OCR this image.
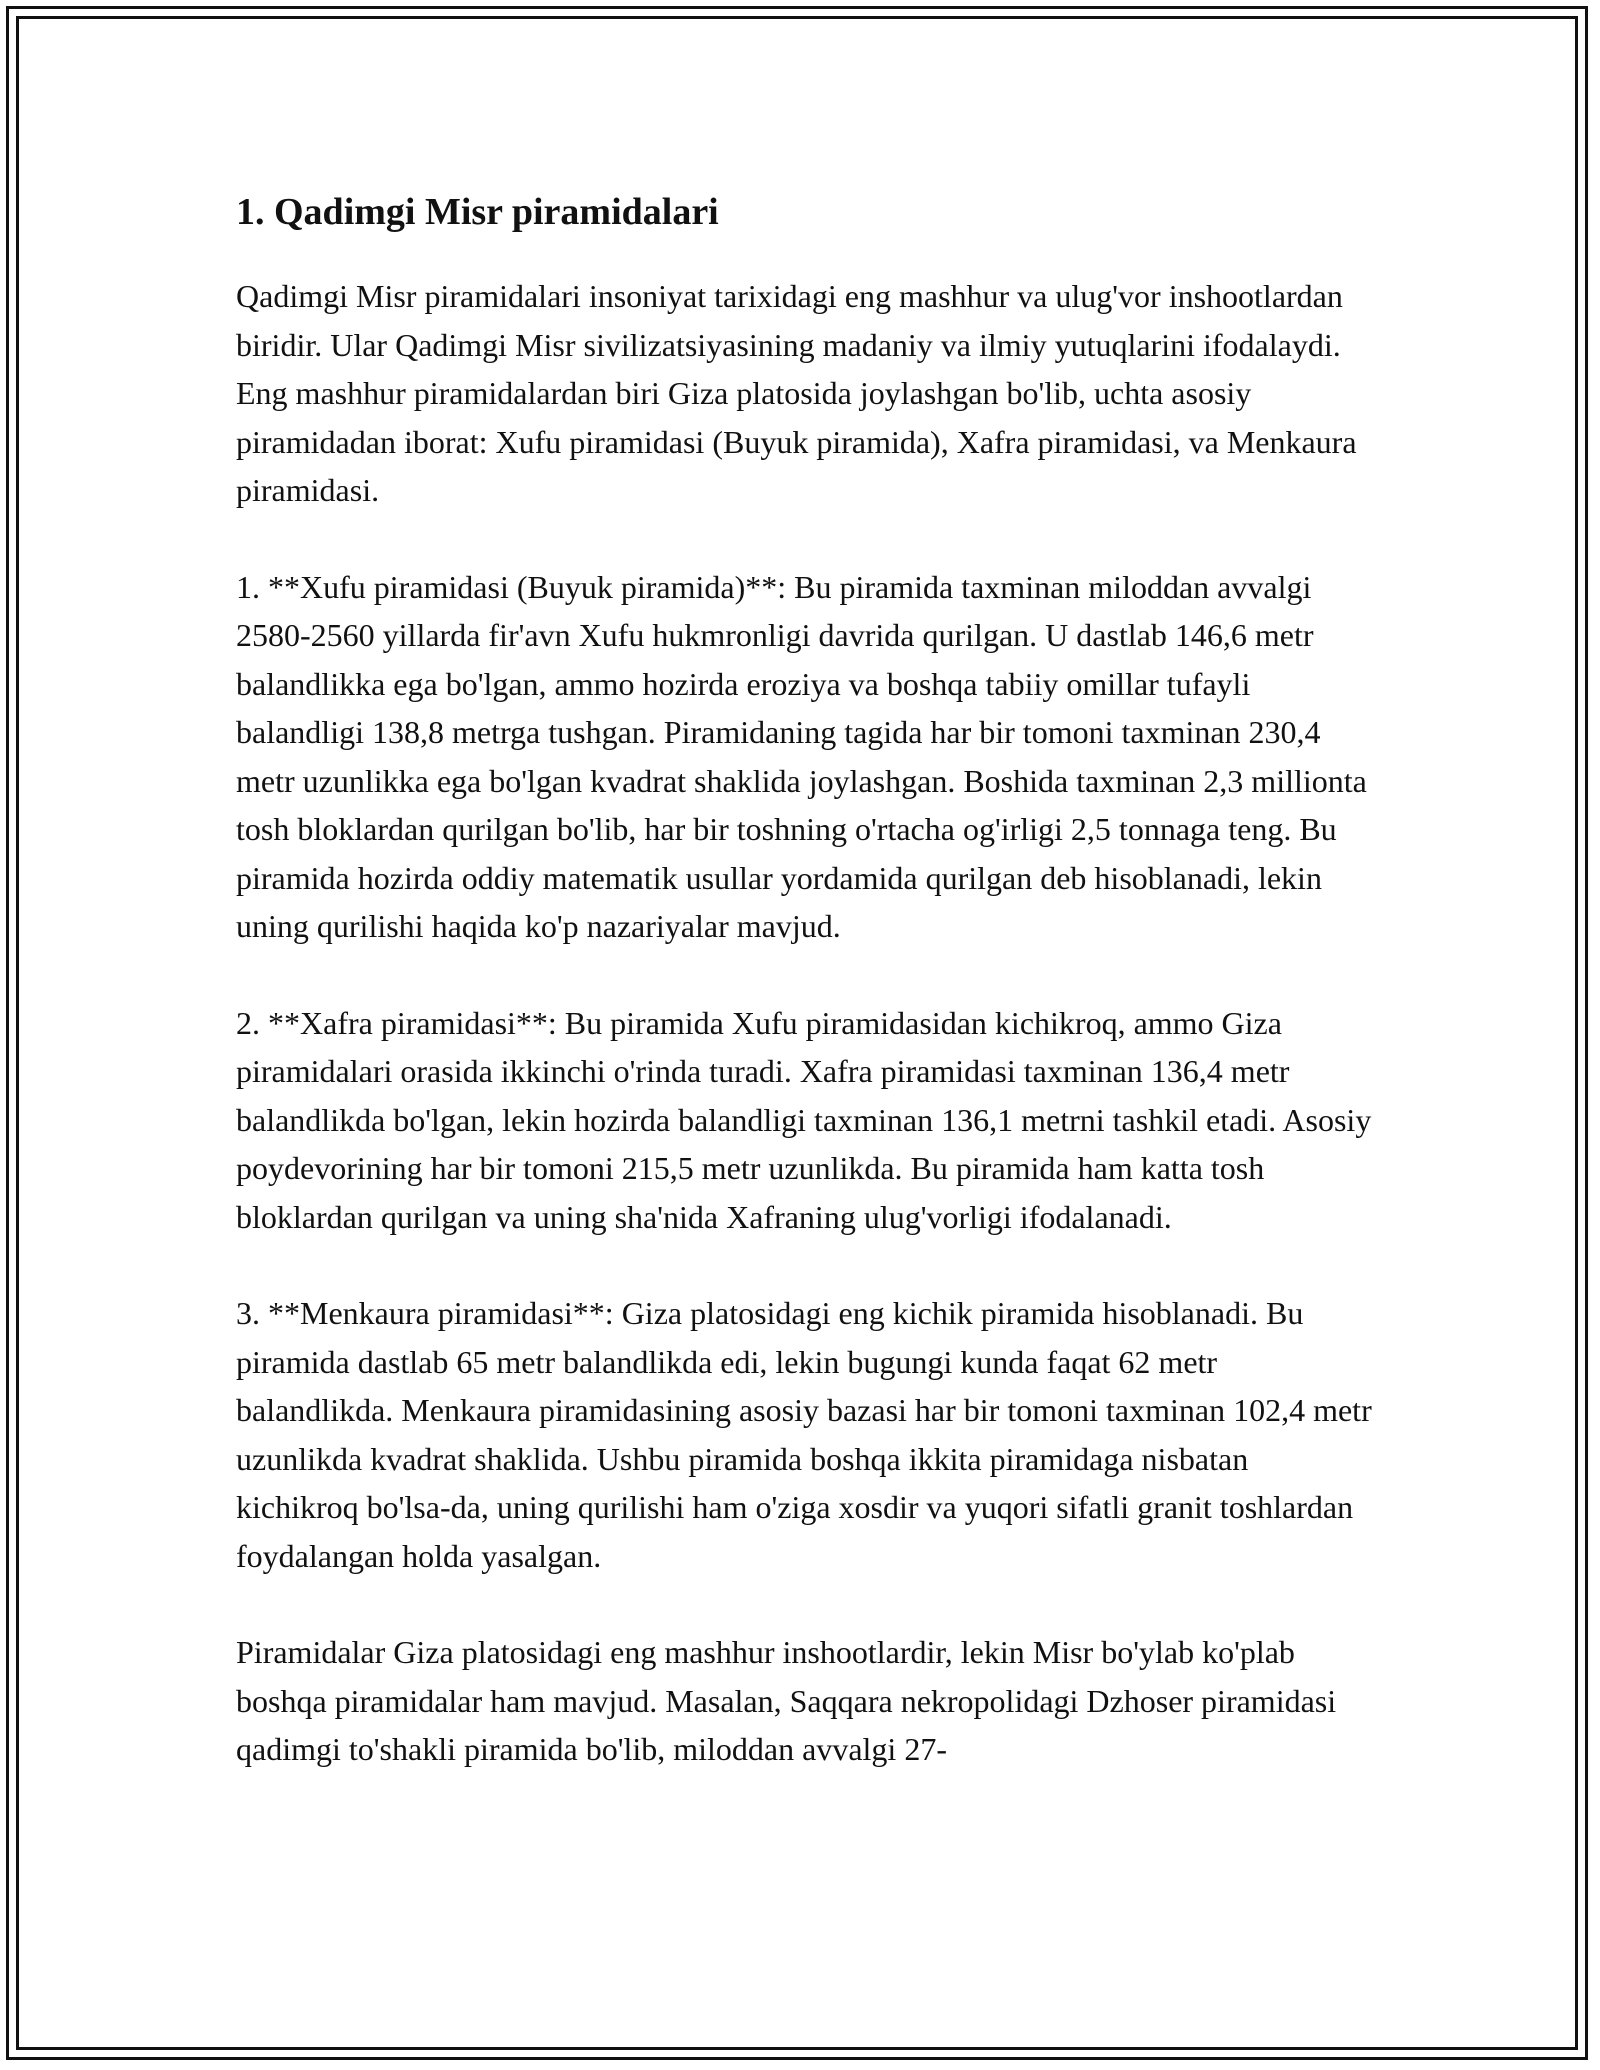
1. Qadimgi Misr piramidalari

Qadimgi Misr piramidalari insoniyat tarixidagi eng mashhur va ulug'vor inshootlardan biridir. Ular Qadimgi Misr sivilizatsiyasining madaniy va ilmiy yutuqlarini ifodalaydi. Eng mashhur piramidalardan biri Giza platosida joylashgan bo'lib, uchta asosiy piramidadan iborat: Xufu piramidasi (Buyuk piramida), Xafra piramidasi, va Menkaura piramidasi.

1. **Xufu piramidasi (Buyuk piramida)**: Bu piramida taxminan miloddan avvalgi 2580-2560 yillarda fir'avn Xufu hukmronligi davrida qurilgan. U dastlab 146,6 metr balandlikka ega bo'lgan, ammo hozirda eroziya va boshqa tabiiy omillar tufayli balandligi 138,8 metrga tushgan. Piramidaning tagida har bir tomoni taxminan 230,4 metr uzunlikka ega bo'lgan kvadrat shaklida joylashgan. Boshida taxminan 2,3 millionta tosh bloklardan qurilgan bo'lib, har bir toshning o'rtacha og'irligi 2,5 tonnaga teng. Bu piramida hozirda oddiy matematik usullar yordamida qurilgan deb hisoblanadi, lekin uning qurilishi haqida ko'p nazariyalar mavjud.

2. **Xafra piramidasi**: Bu piramida Xufu piramidasidan kichikroq, ammo Giza piramidalari orasida ikkinchi o'rinda turadi. Xafra piramidasi taxminan 136,4 metr balandlikda bo'lgan, lekin hozirda balandligi taxminan 136,1 metrni tashkil etadi. Asosiy poydevorining har bir tomoni 215,5 metr uzunlikda. Bu piramida ham katta tosh bloklardan qurilgan va uning sha'nida Xafraning ulug'vorligi ifodalanadi.

3. **Menkaura piramidasi**: Giza platosidagi eng kichik piramida hisoblanadi. Bu piramida dastlab 65 metr balandlikda edi, lekin bugungi kunda faqat 62 metr balandlikda. Menkaura piramidasining asosiy bazasi har bir tomoni taxminan 102,4 metr uzunlikda kvadrat shaklida. Ushbu piramida boshqa ikkita piramidaga nisbatan kichikroq bo'lsa-da, uning qurilishi ham o'ziga xosdir va yuqori sifatli granit toshlardan foydalangan holda yasalgan.

Piramidalar Giza platosidagi eng mashhur inshootlardir, lekin Misr bo'ylab ko'plab boshqa piramidalar ham mavjud. Masalan, Saqqara nekropolidagi Dzhoser piramidasi qadimgi to'shakli piramida bo'lib, miloddan avvalgi 27-
